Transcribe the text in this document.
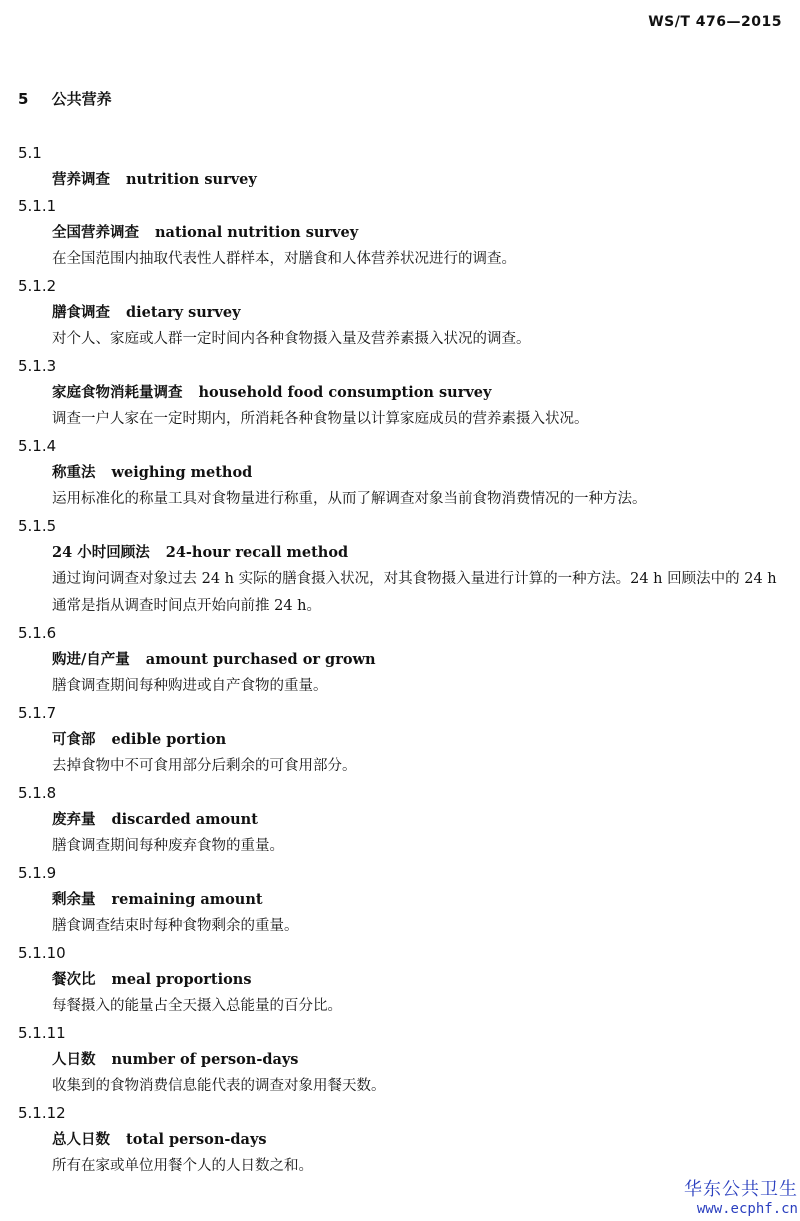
WS/T 476—2015
5 公共营养
5.1
营养调查 nutrition survey
5.1.1
全国营养调查 national nutrition survey
在全国范围内抽取代表性人群样本，对膳食和人体营养状况进行的调查。
5.1.2
膳食调查 dietary survey
对个人、家庭或人群一定时间内各种食物摄入量及营养素摄入状况的调查。
5.1.3
家庭食物消耗量调查 household food consumption survey
调查一户人家在一定时期内，所消耗各种食物量以计算家庭成员的营养素摄入状况。
5.1.4
称重法 weighing method
运用标准化的称量工具对食物量进行称重，从而了解调查对象当前食物消费情况的一种方法。
5.1.5
24 小时回顾法 24-hour recall method
通过询问调查对象过去 24 h 实际的膳食摄入状况，对其食物摄入量进行计算的一种方法。24 h 回顾法中的 24 h 通常是指从调查时间点开始向前推 24 h。
5.1.6
购进/自产量 amount purchased or grown
膳食调查期间每种购进或自产食物的重量。
5.1.7
可食部 edible portion
去掉食物中不可食用部分后剩余的可食用部分。
5.1.8
废弃量 discarded amount
膳食调查期间每种废弃食物的重量。
5.1.9
剩余量 remaining amount
膳食调查结束时每种食物剩余的重量。
5.1.10
餐次比 meal proportions
每餐摄入的能量占全天摄入总能量的百分比。
5.1.11
人日数 number of person-days
收集到的食物消费信息能代表的调查对象用餐天数。
5.1.12
总人日数 total person-days
所有在家或单位用餐个人的人日数之和。
华东公共卫生
www.ecphf.cn
